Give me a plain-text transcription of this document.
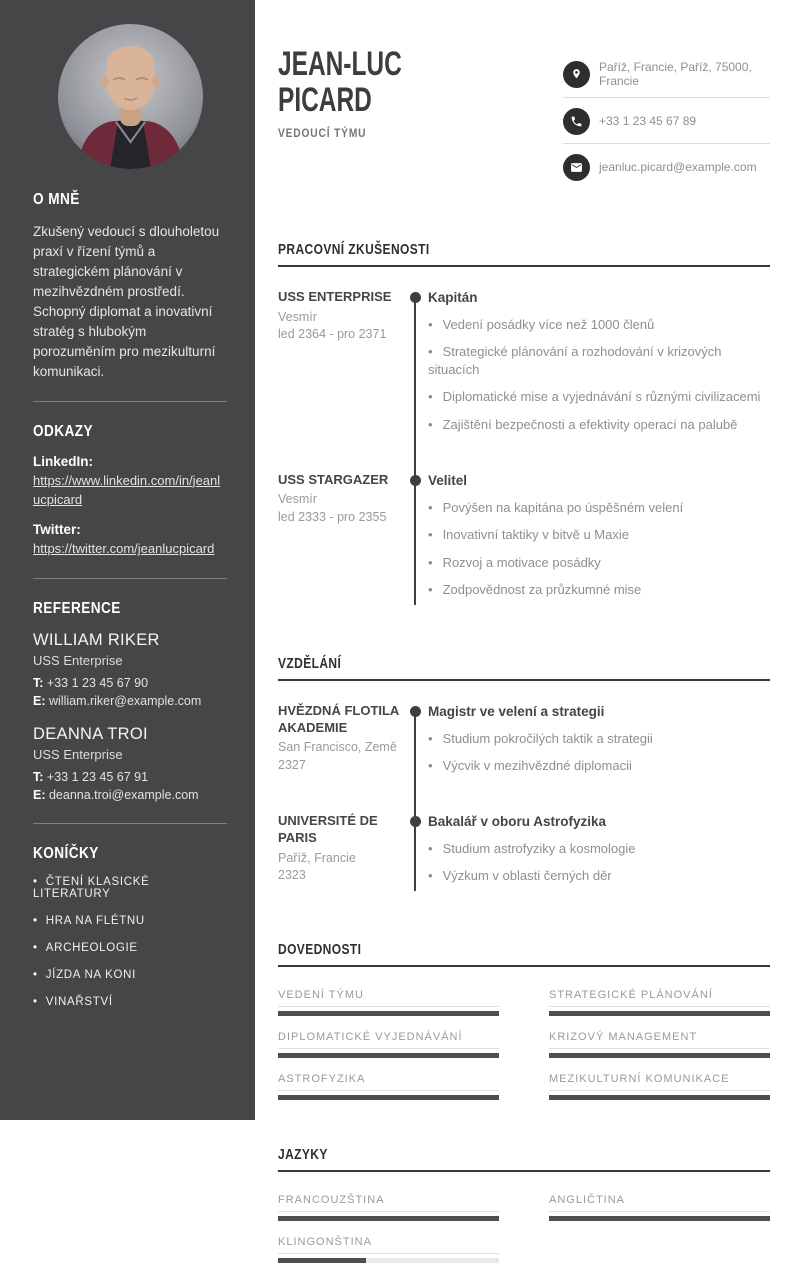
O MNĚ

Zkušený vedoucí s dlouholetou praxí v řízení týmů a strategickém plánování v mezihvězdném prostředí. Schopný diplomat a inovativní stratég s hlubokým porozuměním pro mezikulturní komunikaci.

ODKAZY
LinkedIn:
https://www.linkedin.com/in/jeanlucpicard
Twitter:
https://twitter.com/jeanlucpicard
REFERENCE
WILLIAM RIKER
USS Enterprise
T: +33 1 23 45 67 90
E: william.riker@example.com
DEANNA TROI
USS Enterprise
T: +33 1 23 45 67 91
E: deanna.troi@example.com
KONÍČKY
• ČTENÍ KLASICKÉ LITERATURY
• HRA NA FLÉTNU
• ARCHEOLOGIE
• JÍZDA NA KONI
• VINAŘSTVÍ
JEAN-LUC
PICARD
VEDOUCÍ TÝMU
Paříž, Francie, Paříž, 75000, Francie
+33 1 23 45 67 89
jeanluc.picard@example.com
PRACOVNÍ ZKUŠENOSTI
USS ENTERPRISE
Vesmír
led 2364 - pro 2371
Kapitán
• Vedení posádky více než 1000 členů
• Strategické plánování a rozhodování v krizových situacích
• Diplomatické mise a vyjednávání s různými civilizacemi
• Zajištění bezpečnosti a efektivity operací na palubě
USS STARGAZER
Vesmír
led 2333 - pro 2355
Velitel
• Povýšen na kapitána po úspěšném velení
• Inovativní taktiky v bitvě u Maxie
• Rozvoj a motivace posádky
• Zodpovědnost za průzkumné mise
VZDĚLÁNÍ
HVĚZDNÁ FLOTILA AKADEMIE
San Francisco, Země
2327
Magistr ve velení a strategii
• Studium pokročilých taktik a strategii
• Výcvik v mezihvězdné diplomacii
UNIVERSITÉ DE PARIS
Paříž, Francie
2323
Bakalář v oboru Astrofyzika
• Studium astrofyziky a kosmologie
• Výzkum v oblasti černých děr
DOVEDNOSTI
VEDENÍ TÝMU	STRATEGICKÉ PLÁNOVÁNÍ
DIPLOMATICKÉ VYJEDNÁVÁNÍ	KRIZOVÝ MANAGEMENT
ASTROFYZIKA	MEZIKULTURNÍ KOMUNIKACE
JAZYKY
FRANCOUZŠTINA	ANGLIČTINA
KLINGONŠTINA
